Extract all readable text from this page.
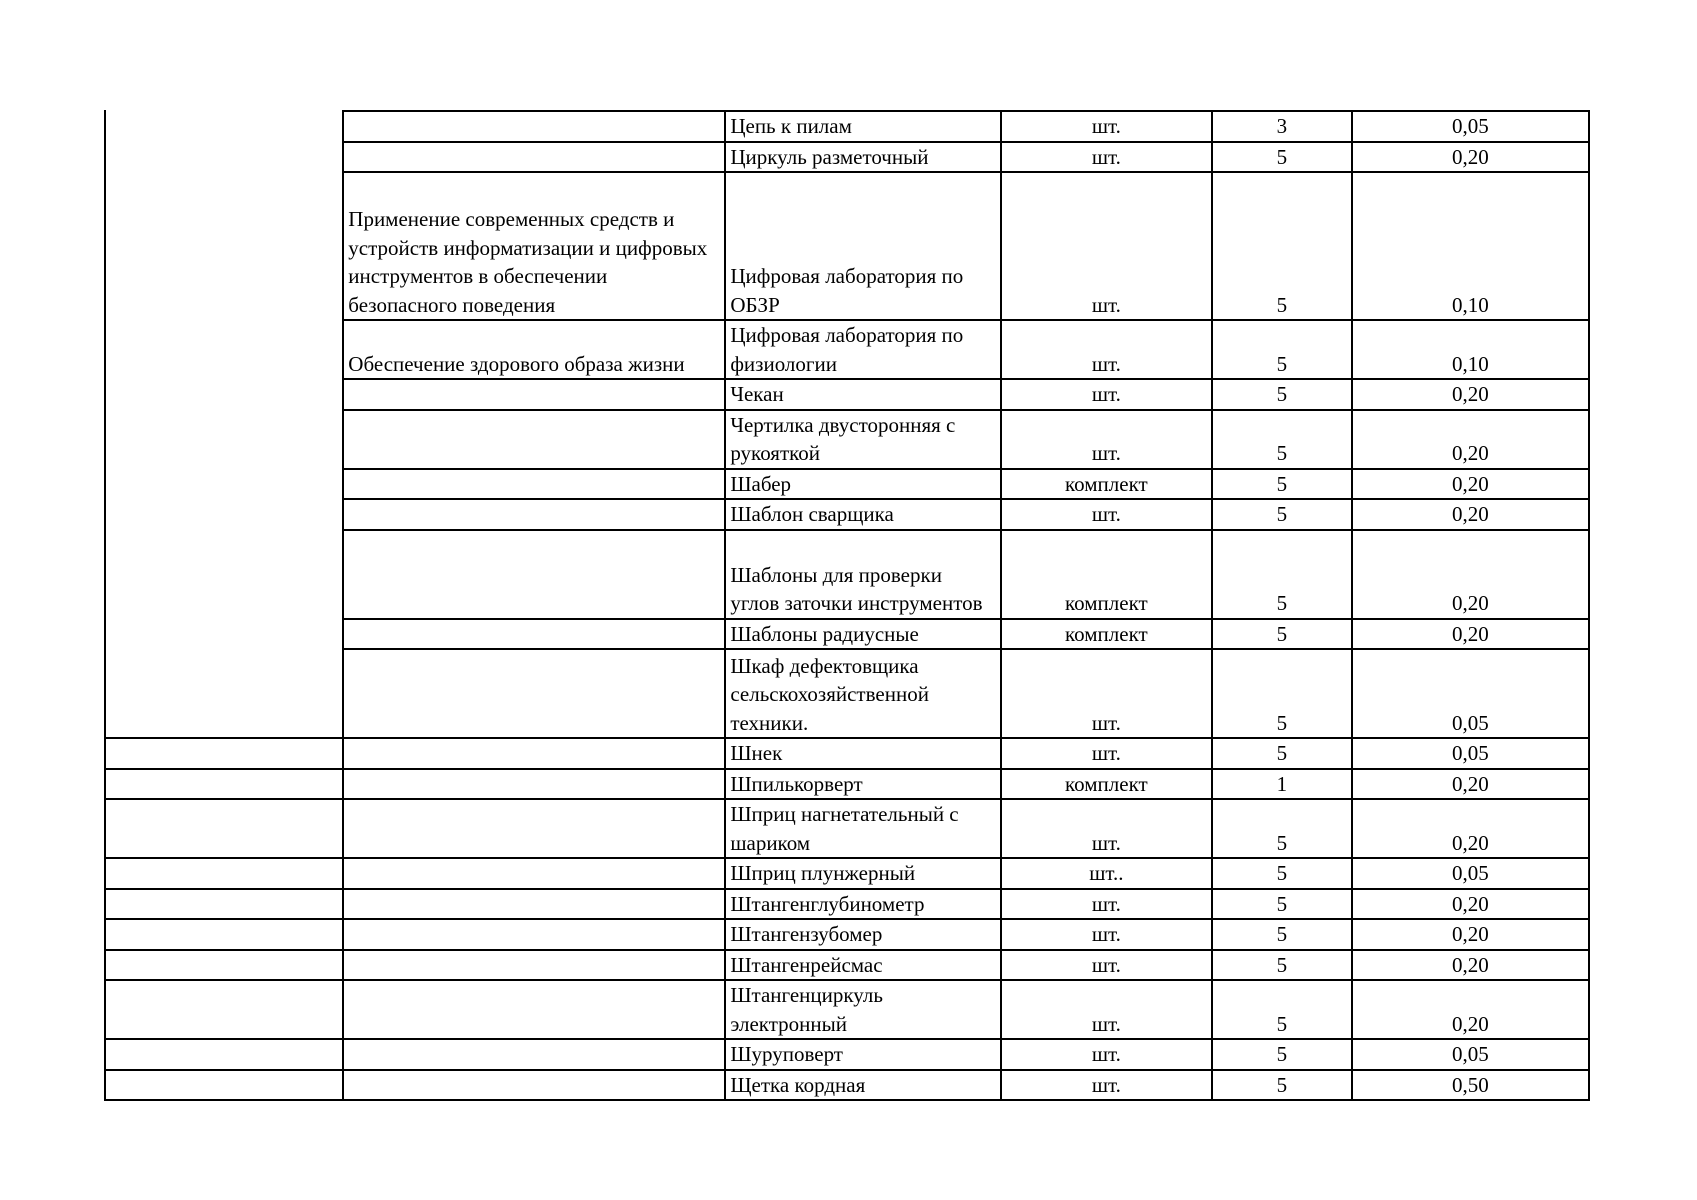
		Цепь к пилам	шт.	3	0,05
		Циркуль разметочный	шт.	5	0,20
	Применение современных средств и устройств информатизации и цифровых инструментов в обеспечении безопасного поведения	Цифровая лаборатория по ОБЗР	шт.	5	0,10
	Обеспечение здорового образа жизни	Цифровая лаборатория по физиологии	шт.	5	0,10
		Чекан	шт.	5	0,20
		Чертилка двусторонняя с рукояткой	шт.	5	0,20
		Шабер	комплект	5	0,20
		Шаблон сварщика	шт.	5	0,20
		Шаблоны для проверки углов заточки инструментов	комплект	5	0,20
		Шаблоны радиусные	комплект	5	0,20
		Шкаф дефектовщика сельскохозяйственной техники.	шт.	5	0,05
		Шнек	шт.	5	0,05
		Шпилькорверт	комплект	1	0,20
		Шприц нагнетательный с шариком	шт.	5	0,20
		Шприц плунжерный	шт..	5	0,05
		Штангенглубинометр	шт.	5	0,20
		Штангензубомер	шт.	5	0,20
		Штангенрейсмас	шт.	5	0,20
		Штангенциркуль электронный	шт.	5	0,20
		Шуруповерт	шт.	5	0,05
		Щетка кордная	шт.	5	0,50
